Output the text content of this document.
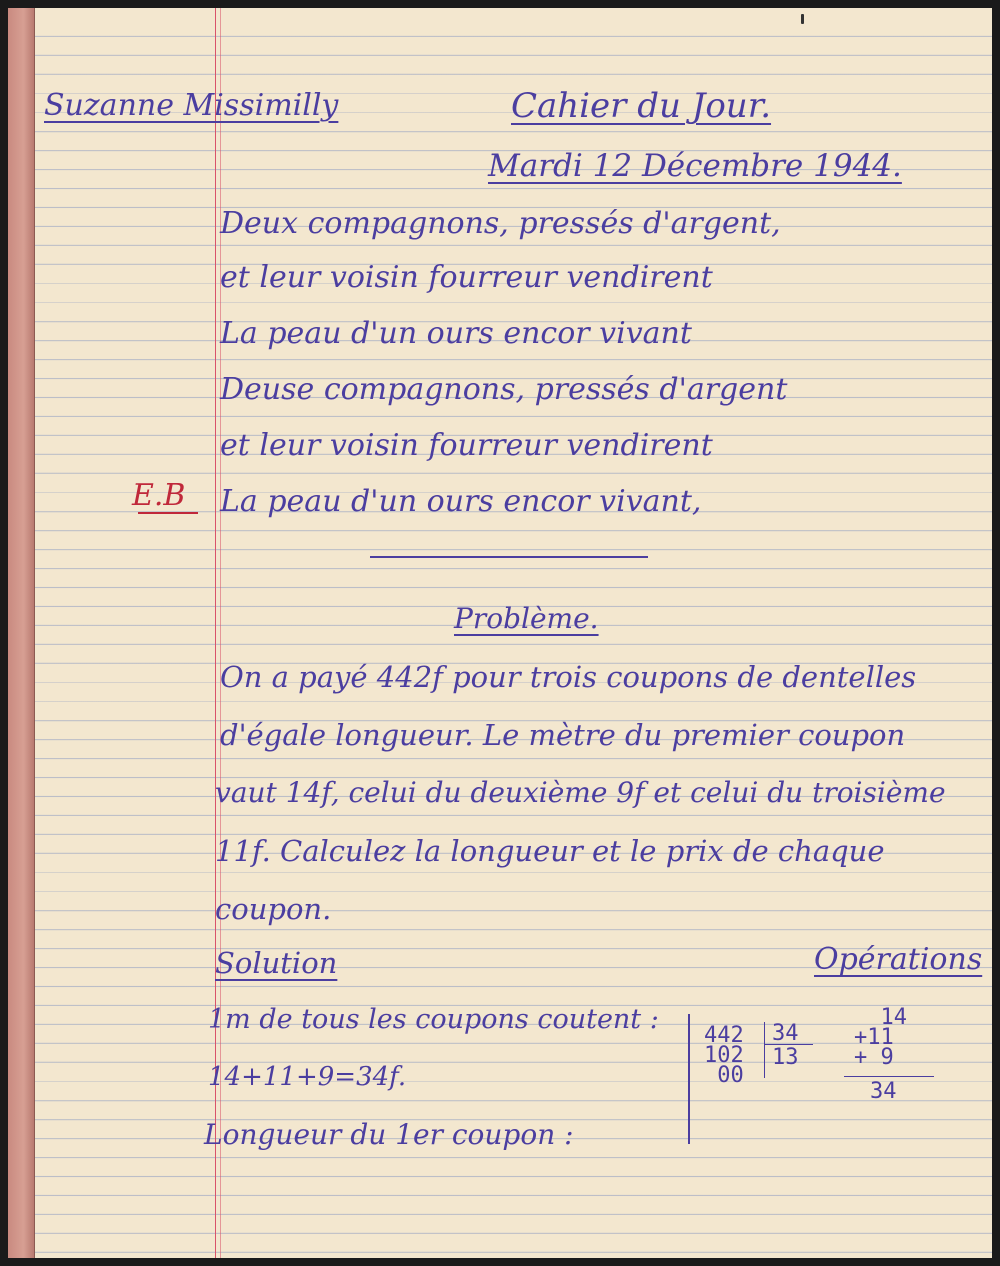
Suzanne Missimilly	Cahier du Jour.
Mardi 12 Décembre 1944.
Deux compagnons, pressés d'argent,
et leur voisin fourreur vendirent
La peau d'un ours encor vivant
Deuse compagnons, pressés d'argent
et leur voisin fourreur vendirent
La peau d'un ours encor vivant,
E.B
Problème.
On a payé 442f pour trois coupons de dentelles
d'égale longueur. Le mètre du premier coupon
vaut 14f, celui du deuxième 9f et celui du troisième
11f. Calculez la longueur et le prix de chaque
coupon.
Solution
1m de tous les coupons coutent :
14+11+9=34f.
Longueur du 1er coupon :
Opérations
442
102
00
34
13
14
+11
+ 9
34
